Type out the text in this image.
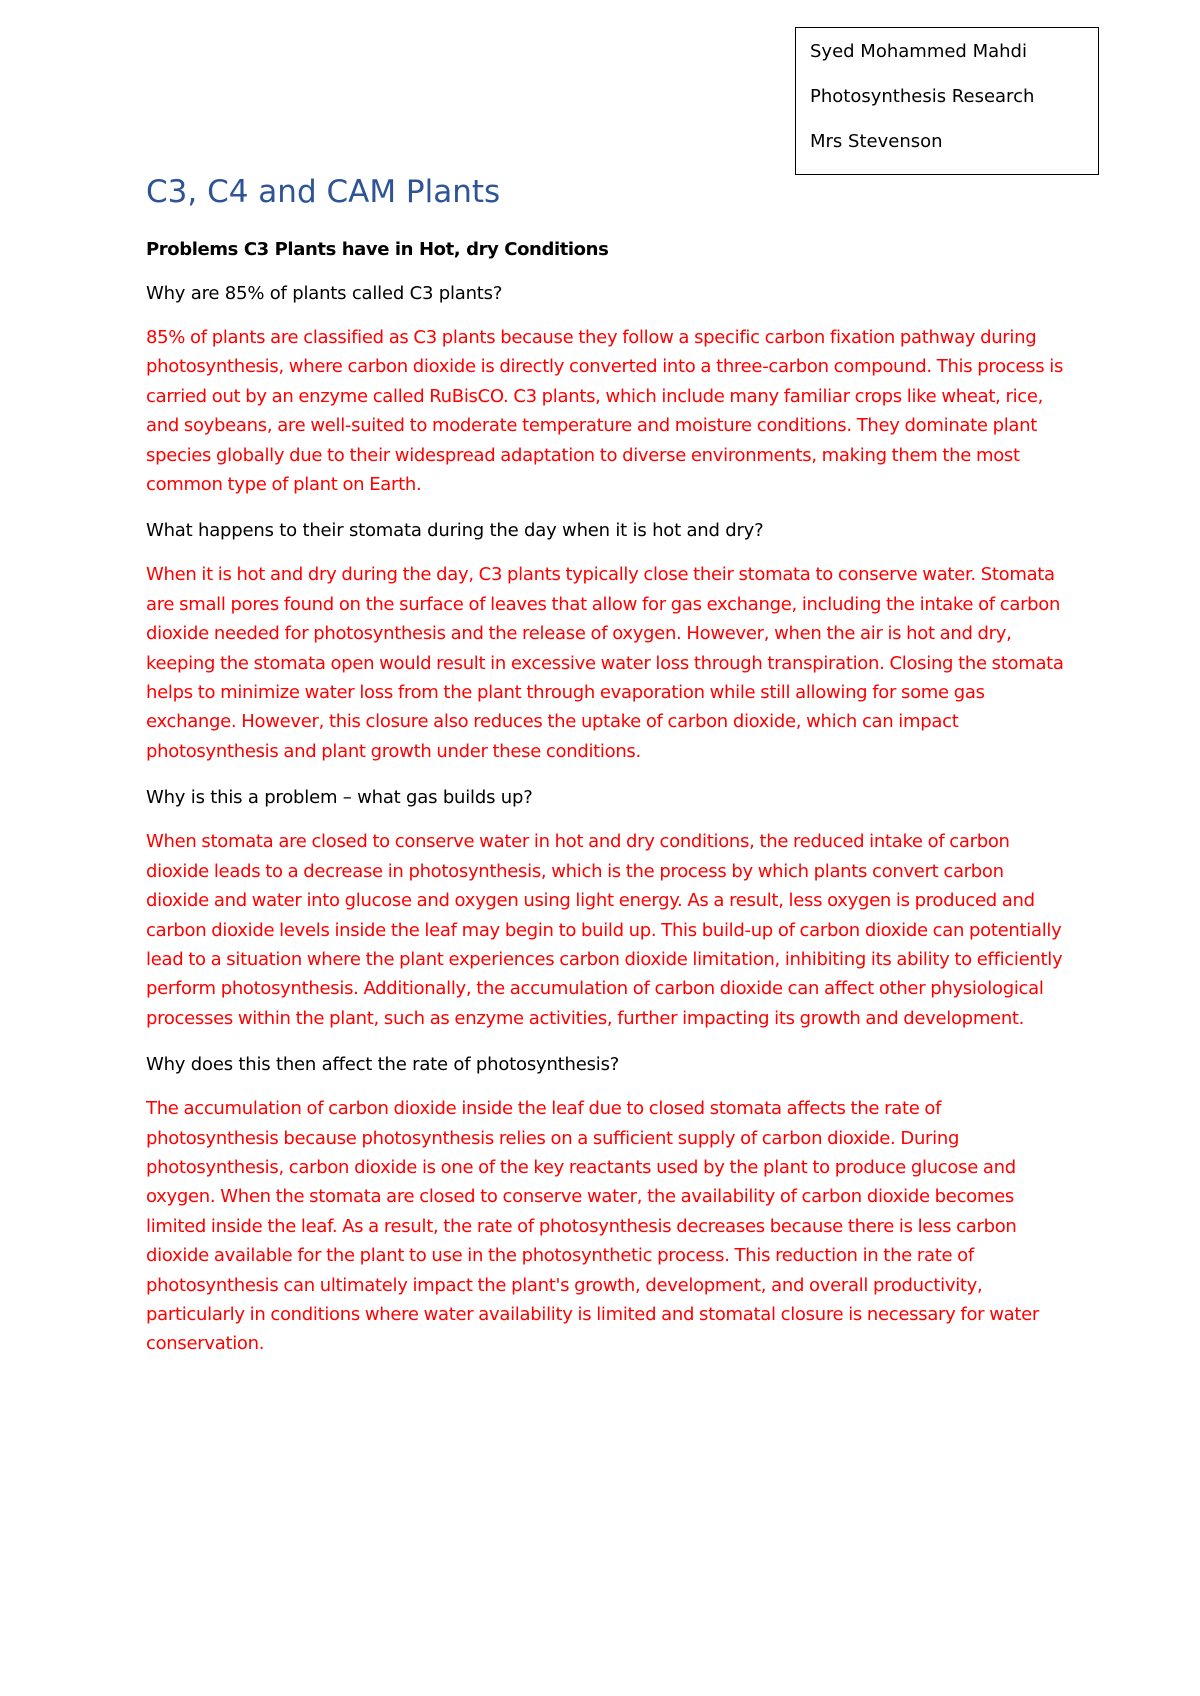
Syed Mohammed Mahdi
Photosynthesis Research
Mrs Stevenson
C3, C4 and CAM Plants
Problems C3 Plants have in Hot, dry Conditions

Why are 85% of plants called C3 plants?

85% of plants are classified as C3 plants because they follow a specific carbon fixation pathway during photosynthesis, where carbon dioxide is directly converted into a three-carbon compound. This process is carried out by an enzyme called RuBisCO. C3 plants, which include many familiar crops like wheat, rice, and soybeans, are well-suited to moderate temperature and moisture conditions. They dominate plant species globally due to their widespread adaptation to diverse environments, making them the most common type of plant on Earth.

What happens to their stomata during the day when it is hot and dry?

When it is hot and dry during the day, C3 plants typically close their stomata to conserve water. Stomata are small pores found on the surface of leaves that allow for gas exchange, including the intake of carbon dioxide needed for photosynthesis and the release of oxygen. However, when the air is hot and dry, keeping the stomata open would result in excessive water loss through transpiration. Closing the stomata helps to minimize water loss from the plant through evaporation while still allowing for some gas exchange. However, this closure also reduces the uptake of carbon dioxide, which can impact photosynthesis and plant growth under these conditions.

Why is this a problem – what gas builds up?

When stomata are closed to conserve water in hot and dry conditions, the reduced intake of carbon dioxide leads to a decrease in photosynthesis, which is the process by which plants convert carbon dioxide and water into glucose and oxygen using light energy. As a result, less oxygen is produced and carbon dioxide levels inside the leaf may begin to build up. This build-up of carbon dioxide can potentially lead to a situation where the plant experiences carbon dioxide limitation, inhibiting its ability to efficiently perform photosynthesis. Additionally, the accumulation of carbon dioxide can affect other physiological processes within the plant, such as enzyme activities, further impacting its growth and development.

Why does this then affect the rate of photosynthesis?

The accumulation of carbon dioxide inside the leaf due to closed stomata affects the rate of photosynthesis because photosynthesis relies on a sufficient supply of carbon dioxide. During photosynthesis, carbon dioxide is one of the key reactants used by the plant to produce glucose and oxygen. When the stomata are closed to conserve water, the availability of carbon dioxide becomes limited inside the leaf. As a result, the rate of photosynthesis decreases because there is less carbon dioxide available for the plant to use in the photosynthetic process. This reduction in the rate of photosynthesis can ultimately impact the plant's growth, development, and overall productivity, particularly in conditions where water availability is limited and stomatal closure is necessary for water conservation.
